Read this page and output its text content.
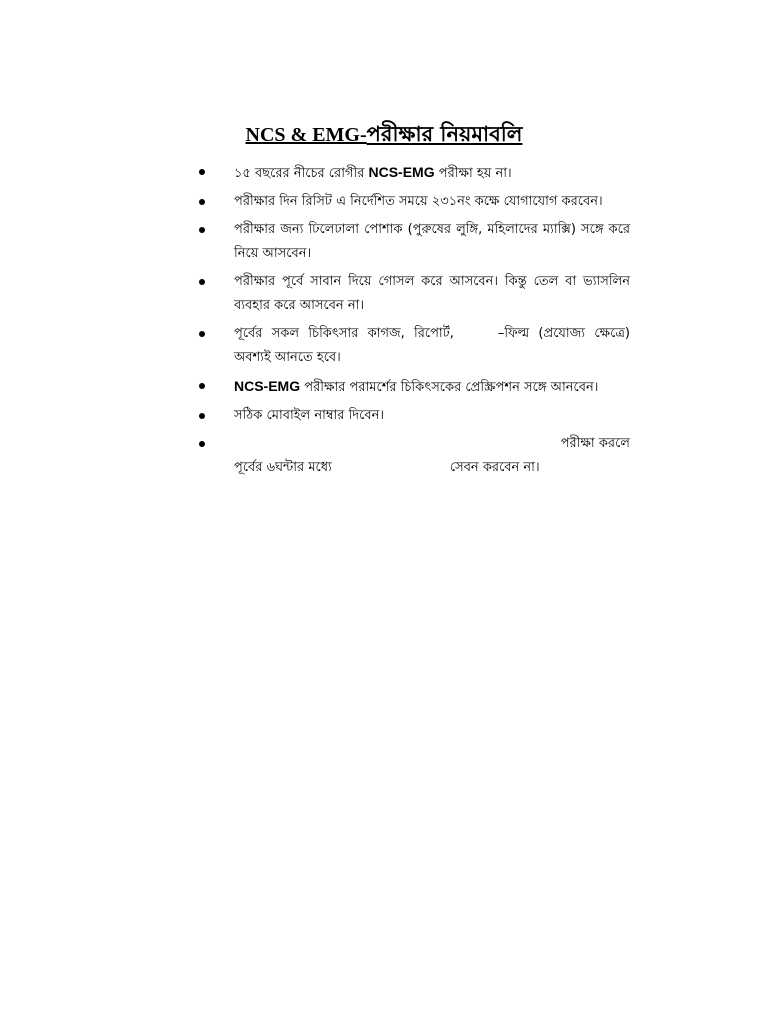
NCS & EMG-পরীক্ষার নিয়মাবলি
১৫ বছরের নীচের রোগীর NCS-EMG পরীক্ষা হয় না।
পরীক্ষার দিন রিসিট এ নির্দেশিত সময়ে ২৩১নং কক্ষে যোগাযোগ করবেন।
পরীক্ষার জন্য ঢিলেঢালা পোশাক (পুরুষের লুঙ্গি, মহিলাদের ম্যাক্সি) সঙ্গে করে নিয়ে আসবেন।
পরীক্ষার পূর্বে সাবান দিয়ে গোসল করে আসবেন। কিন্তু তেল বা ভ্যাসলিন ব্যবহার করে আসবেন না।
পূর্বের সকল চিকিৎসার কাগজ, রিপোর্ট,	–ফিল্ম (প্রযোজ্য ক্ষেত্রে) অবশ্যই আনতে হবে।
NCS-EMG পরীক্ষার পরামর্শের চিকিৎসকের প্রেস্ক্রিপশন সঙ্গে আনবেন।
সঠিক মোবাইল নাম্বার দিবেন।
পরীক্ষা করলে
পূর্বের ৬ঘন্টার মধ্যে	সেবন করবেন না।
